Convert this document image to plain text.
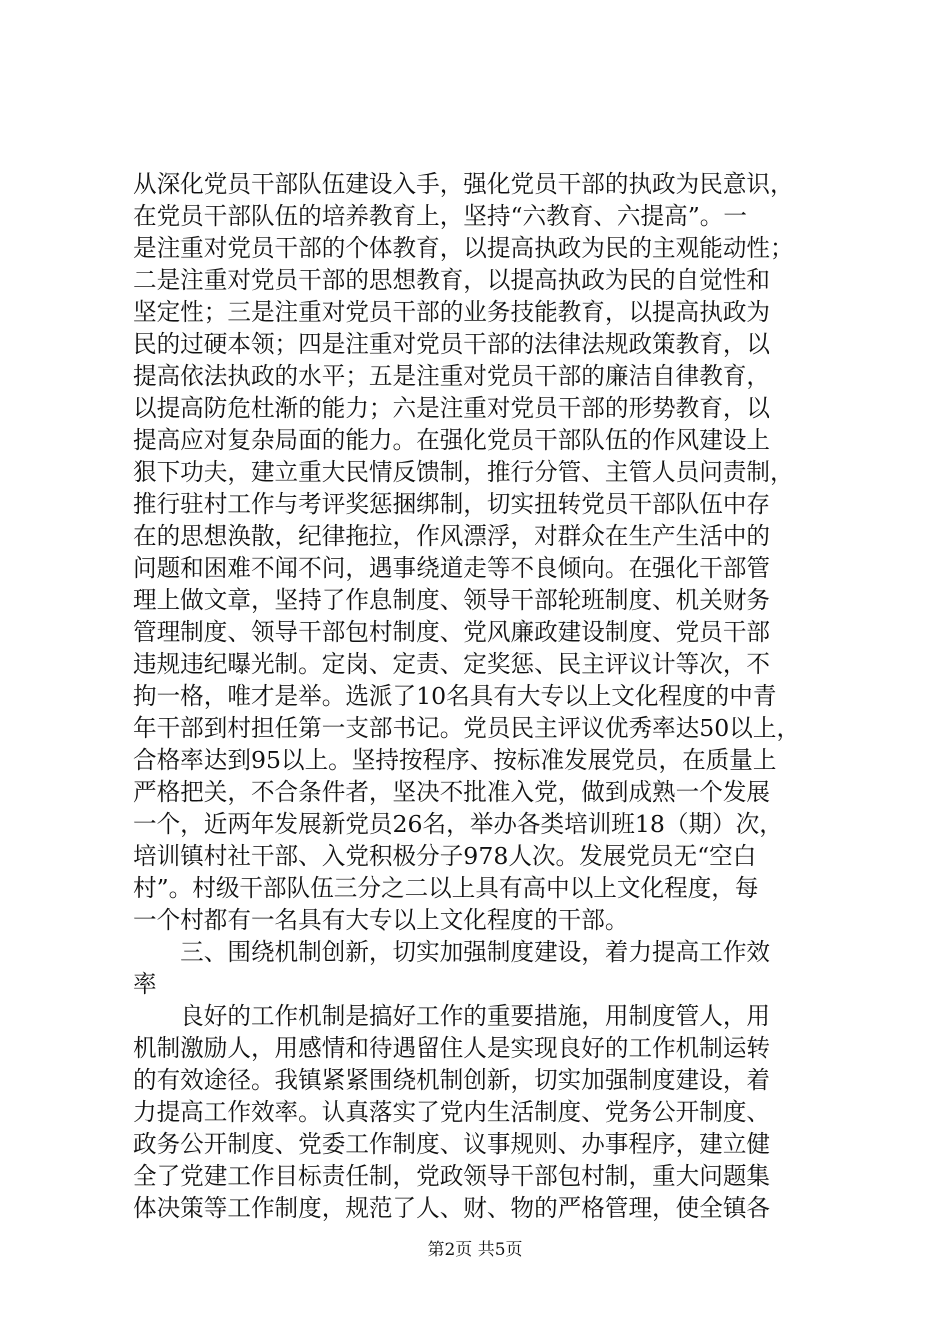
从深化党员干部队伍建设入手，强化党员干部的执政为民意识，
在党员干部队伍的培养教育上，坚持“六教育、六提高”。一
是注重对党员干部的个体教育，以提高执政为民的主观能动性；
二是注重对党员干部的思想教育，以提高执政为民的自觉性和
坚定性；三是注重对党员干部的业务技能教育，以提高执政为
民的过硬本领；四是注重对党员干部的法律法规政策教育，以
提高依法执政的水平；五是注重对党员干部的廉洁自律教育，
以提高防危杜渐的能力；六是注重对党员干部的形势教育，以
提高应对复杂局面的能力。在强化党员干部队伍的作风建设上
狠下功夫，建立重大民情反馈制，推行分管、主管人员问责制，
推行驻村工作与考评奖惩捆绑制，切实扭转党员干部队伍中存
在的思想涣散，纪律拖拉，作风漂浮，对群众在生产生活中的
问题和困难不闻不问，遇事绕道走等不良倾向。在强化干部管
理上做文章，坚持了作息制度、领导干部轮班制度、机关财务
管理制度、领导干部包村制度、党风廉政建设制度、党员干部
违规违纪曝光制。定岗、定责、定奖惩、民主评议计等次，不
拘一格，唯才是举。选派了10名具有大专以上文化程度的中青
年干部到村担任第一支部书记。党员民主评议优秀率达50以上，
合格率达到95以上。坚持按程序、按标准发展党员，在质量上
严格把关，不合条件者，坚决不批准入党，做到成熟一个发展
一个，近两年发展新党员26名，举办各类培训班18（期）次，
培训镇村社干部、入党积极分子978人次。发展党员无“空白
村”。村级干部队伍三分之二以上具有高中以上文化程度，每
一个村都有一名具有大专以上文化程度的干部。
　　三、围绕机制创新，切实加强制度建设，着力提高工作效
率
　　良好的工作机制是搞好工作的重要措施，用制度管人，用
机制激励人，用感情和待遇留住人是实现良好的工作机制运转
的有效途径。我镇紧紧围绕机制创新，切实加强制度建设，着
力提高工作效率。认真落实了党内生活制度、党务公开制度、
政务公开制度、党委工作制度、议事规则、办事程序，建立健
全了党建工作目标责任制，党政领导干部包村制，重大问题集
体决策等工作制度，规范了人、财、物的严格管理，使全镇各
第2页 共5页
